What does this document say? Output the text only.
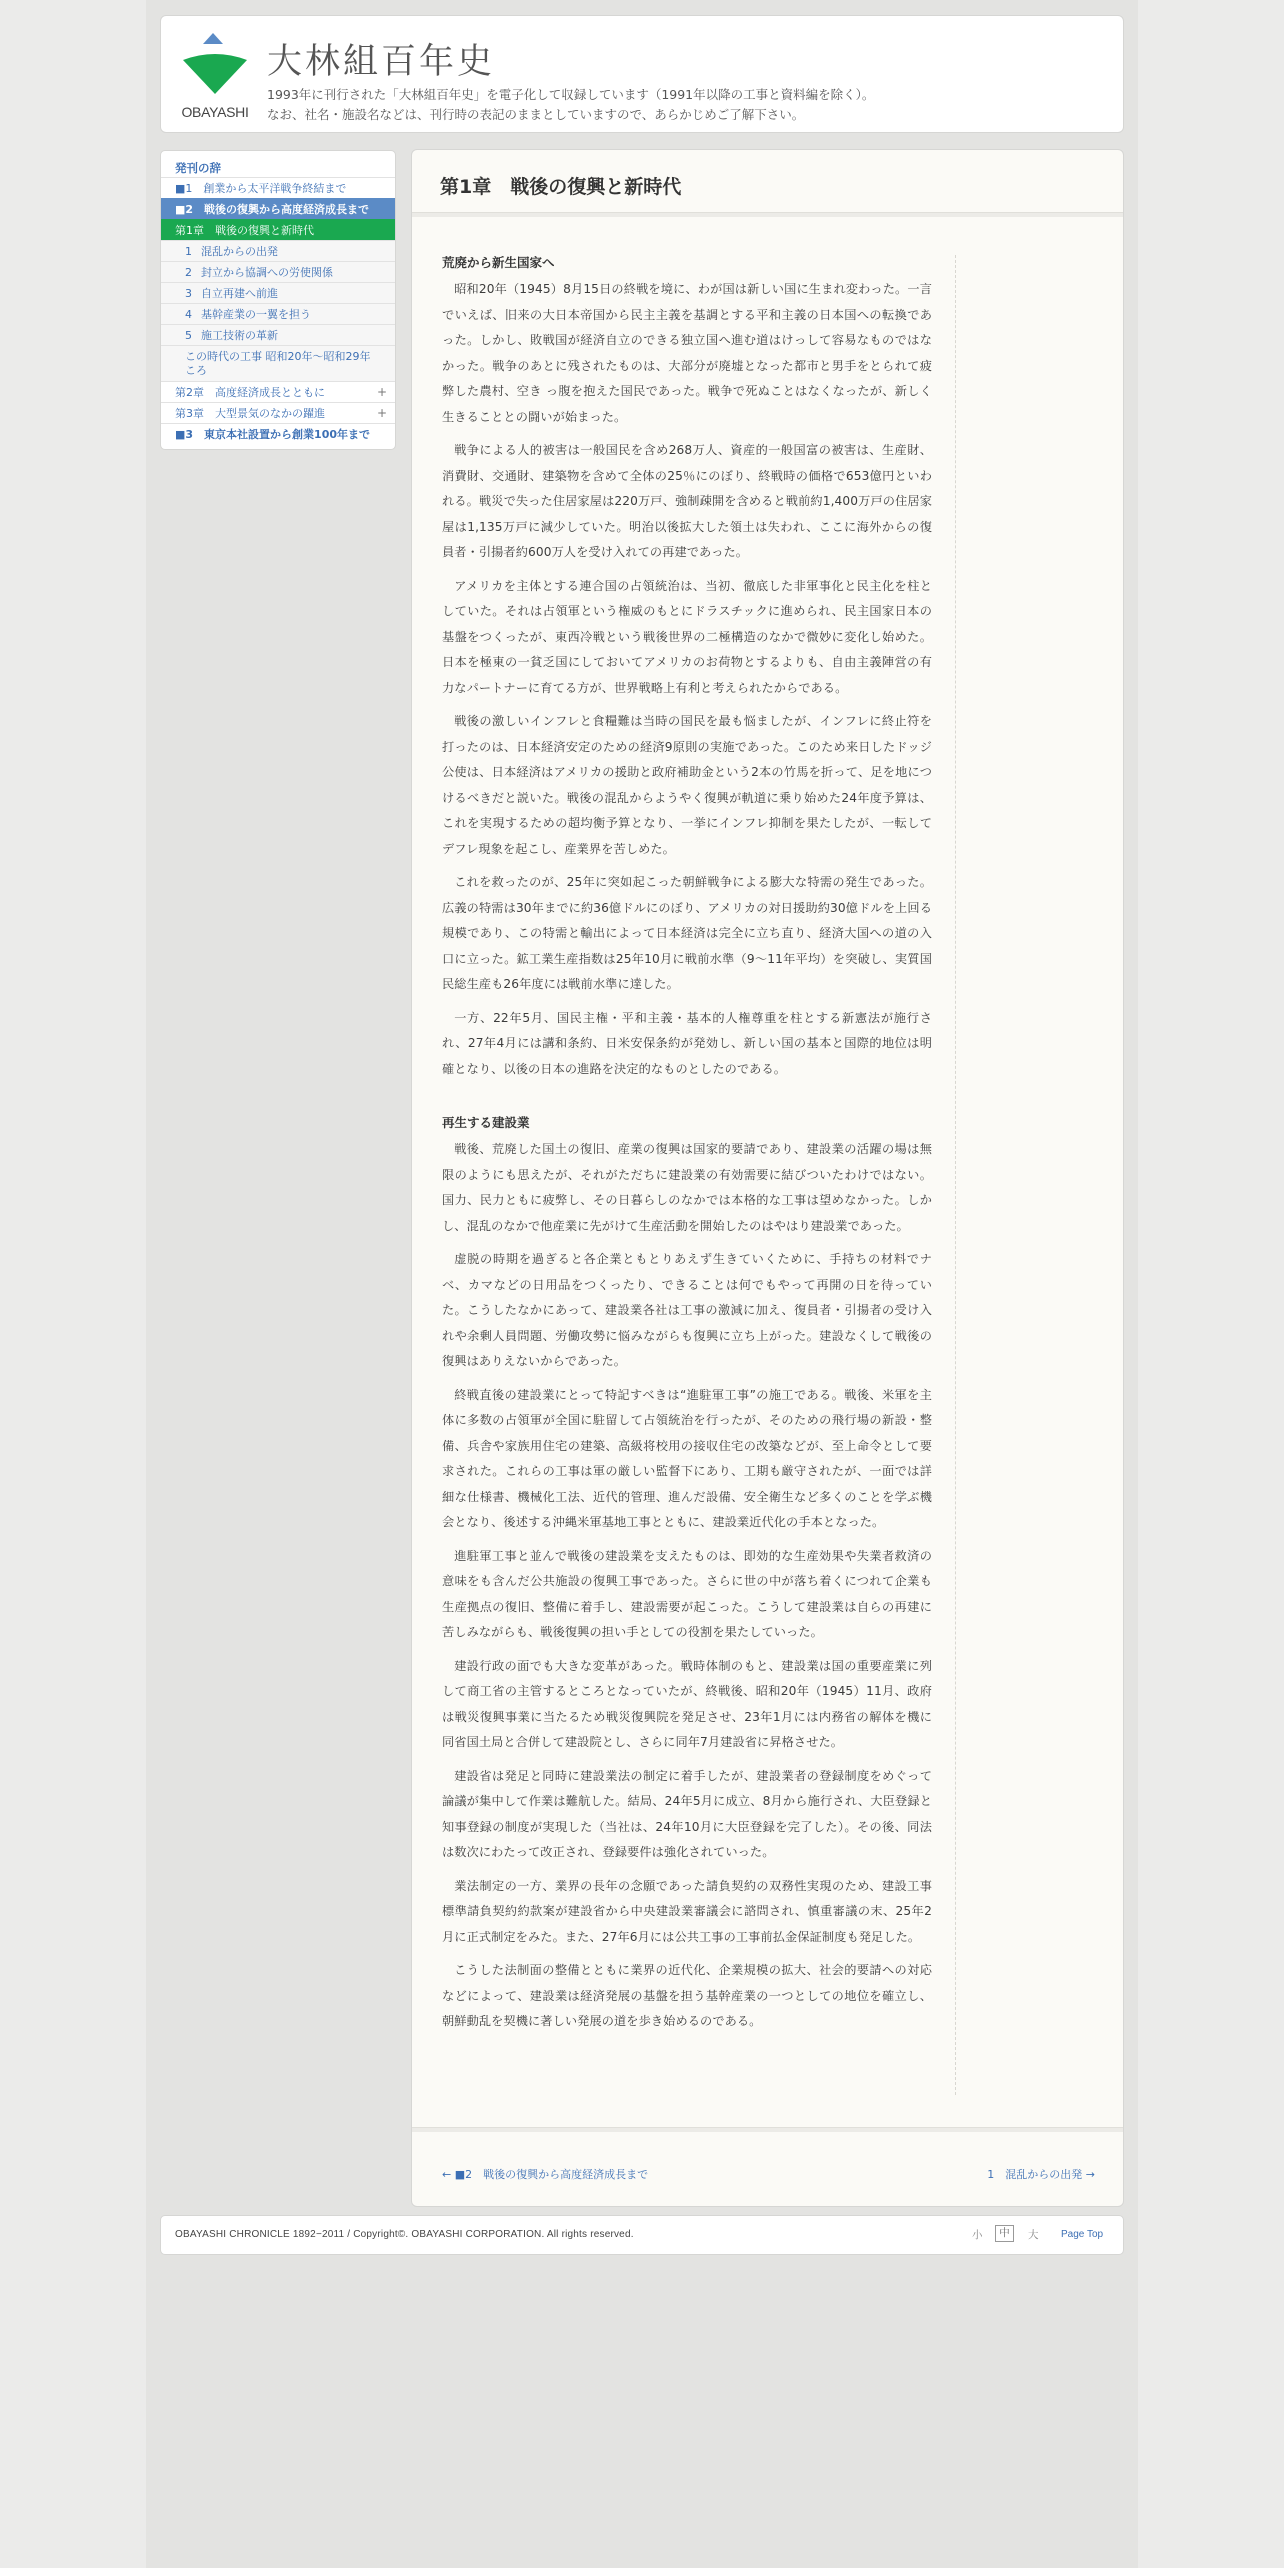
OBAYASHI
大林組百年史
1993年に刊行された「大林組百年史」を電子化して収録しています（1991年以降の工事と資料編を除く）。
なお、社名・施設名などは、刊行時の表記のままとしていますので、あらかじめご了解下さい。
発刊の辞
■1　創業から太平洋戦争終結まで
■2　戦後の復興から高度経済成長まで
第1章　戦後の復興と新時代
1 混乱からの出発
2 封立から協調への労使関係
3 自立再建へ前進
4 基幹産業の一翼を担う
5 施工技術の革新
この時代の工事 昭和20年〜昭和29年
ころ
第2章　高度経済成長とともに	+
第3章　大型景気のなかの躍進	+
■3　東京本社設置から創業100年まで
第1章　戦後の復興と新時代
荒廃から新生国家へ

昭和20年（1945）8月15日の終戦を境に、わが国は新しい国に生まれ変わった。一言でいえば、旧来の大日本帝国から民主主義を基調とする平和主義の日本国への転換であった。しかし、敗戦国が経済自立のできる独立国へ進む道はけっして容易なものではなかった。戦争のあとに残されたものは、大部分が廃墟となった都市と男手をとられて疲弊した農村、空き っ腹を抱えた国民であった。戦争で死ぬことはなくなったが、新しく生きることとの闘いが始まった。

戦争による人的被害は一般国民を含め268万人、資産的一般国富の被害は、生産財、消費財、交通財、建築物を含めて全体の25％にのぼり、終戦時の価格で653億円といわれる。戦災で失った住居家屋は220万戸、強制疎開を含めると戦前約1,400万戸の住居家屋は1,135万戸に減少していた。明治以後拡大した領土は失われ、ここに海外からの復員者・引揚者約600万人を受け入れての再建であった。

アメリカを主体とする連合国の占領統治は、当初、徹底した非軍事化と民主化を柱としていた。それは占領軍という権威のもとにドラスチックに進められ、民主国家日本の基盤をつくったが、東西冷戦という戦後世界の二極構造のなかで微妙に変化し始めた。日本を極東の一貧乏国にしておいてアメリカのお荷物とするよりも、自由主義陣営の有力なパートナーに育てる方が、世界戦略上有利と考えられたからである。

戦後の激しいインフレと食糧難は当時の国民を最も悩ましたが、インフレに終止符を打ったのは、日本経済安定のための経済9原則の実施であった。このため来日したドッジ公使は、日本経済はアメリカの援助と政府補助金という2本の竹馬を折って、足を地につけるべきだと説いた。戦後の混乱からようやく復興が軌道に乗り始めた24年度予算は、これを実現するための超均衡予算となり、一挙にインフレ抑制を果たしたが、一転してデフレ現象を起こし、産業界を苦しめた。

これを救ったのが、25年に突如起こった朝鮮戦争による膨大な特需の発生であった。広義の特需は30年までに約36億ドルにのぼり、アメリカの対日援助約30億ドルを上回る規模であり、この特需と輸出によって日本経済は完全に立ち直り、経済大国への道の入口に立った。鉱工業生産指数は25年10月に戦前水準（9〜11年平均）を突破し、実質国民総生産も26年度には戦前水準に達した。

一方、22年5月、国民主権・平和主義・基本的人権尊重を柱とする新憲法が施行され、27年4月には講和条約、日米安保条約が発効し、新しい国の基本と国際的地位は明確となり、以後の日本の進路を決定的なものとしたのである。

再生する建設業

戦後、荒廃した国土の復旧、産業の復興は国家的要請であり、建設業の活躍の場は無限のようにも思えたが、それがただちに建設業の有効需要に結びついたわけではない。国力、民力ともに疲弊し、その日暮らしのなかでは本格的な工事は望めなかった。しかし、混乱のなかで他産業に先がけて生産活動を開始したのはやはり建設業であった。

虚脱の時期を過ぎると各企業ともとりあえず生きていくために、手持ちの材料でナベ、カマなどの日用品をつくったり、できることは何でもやって再開の日を待っていた。こうしたなかにあって、建設業各社は工事の激減に加え、復員者・引揚者の受け入れや余剰人員問題、労働攻勢に悩みながらも復興に立ち上がった。建設なくして戦後の復興はありえないからであった。

終戦直後の建設業にとって特記すべきは“進駐軍工事”の施工である。戦後、米軍を主体に多数の占領軍が全国に駐留して占領統治を行ったが、そのための飛行場の新設・整備、兵舎や家族用住宅の建築、高級将校用の接収住宅の改築などが、至上命令として要求された。これらの工事は軍の厳しい監督下にあり、工期も厳守されたが、一面では詳細な仕様書、機械化工法、近代的管理、進んだ設備、安全衛生など多くのことを学ぶ機会となり、後述する沖縄米軍基地工事とともに、建設業近代化の手本となった。

進駐軍工事と並んで戦後の建設業を支えたものは、即効的な生産効果や失業者救済の意味をも含んだ公共施設の復興工事であった。さらに世の中が落ち着くにつれて企業も生産拠点の復旧、整備に着手し、建設需要が起こった。こうして建設業は自らの再建に苦しみながらも、戦後復興の担い手としての役割を果たしていった。

建設行政の面でも大きな変革があった。戦時体制のもと、建設業は国の重要産業に列して商工省の主管するところとなっていたが、終戦後、昭和20年（1945）11月、政府は戦災復興事業に当たるため戦災復興院を発足させ、23年1月には内務省の解体を機に同省国土局と合併して建設院とし、さらに同年7月建設省に昇格させた。

建設省は発足と同時に建設業法の制定に着手したが、建設業者の登録制度をめぐって論議が集中して作業は難航した。結局、24年5月に成立、8月から施行され、大臣登録と知事登録の制度が実現した（当社は、24年10月に大臣登録を完了した）。その後、同法は数次にわたって改正され、登録要件は強化されていった。

業法制定の一方、業界の長年の念願であった請負契約の双務性実現のため、建設工事標準請負契約約款案が建設省から中央建設業審議会に諮問され、慎重審議の末、25年2月に正式制定をみた。また、27年6月には公共工事の工事前払金保証制度も発足した。

こうした法制面の整備とともに業界の近代化、企業規模の拡大、社会的要請への対応などによって、建設業は経済発展の基盤を担う基幹産業の一つとしての地位を確立し、朝鮮動乱を契機に著しい発展の道を歩き始めるのである。

← ■2　戦後の復興から高度経済成長まで	1　混乱からの出発 →
OBAYASHI CHRONICLE 1892−2011 / Copyright©. OBAYASHI CORPORATION. All rights reserved.	小	中	大 Page Top
